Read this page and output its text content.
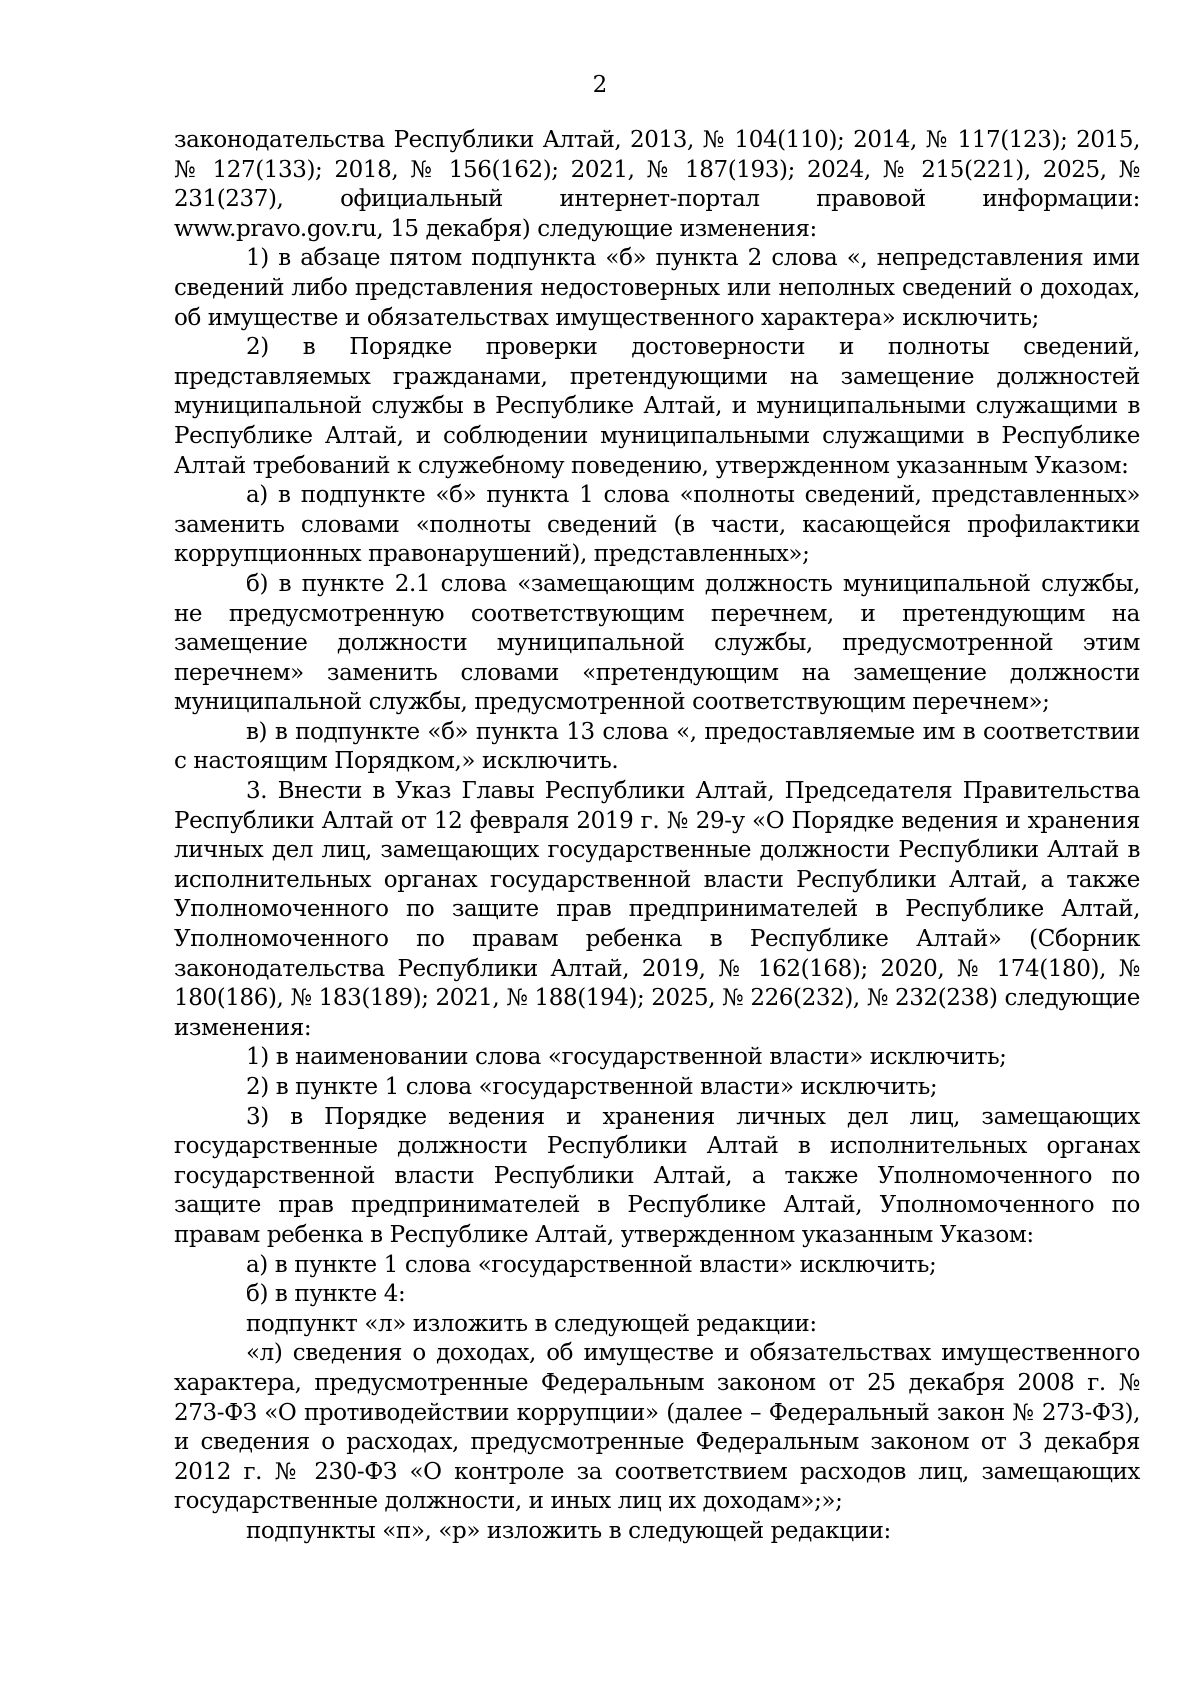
2

законодательства Республики Алтай, 2013, № 104(110); 2014, № 117(123); 2015, № 127(133); 2018, № 156(162); 2021, № 187(193); 2024, № 215(221), 2025, № 231(237), официальный интернет-портал правовой информации: www.pravo.gov.ru, 15 декабря) следующие изменения:

1) в абзаце пятом подпункта «б» пункта 2 слова «, непредставления ими сведений либо представления недостоверных или неполных сведений о доходах, об имуществе и обязательствах имущественного характера» исключить;

2) в Порядке проверки достоверности и полноты сведений, представляемых гражданами, претендующими на замещение должностей муниципальной службы в Республике Алтай, и муниципальными служащими в Республике Алтай, и соблюдении муниципальными служащими в Республике Алтай требований к служебному поведению, утвержденном указанным Указом:

а) в подпункте «б» пункта 1 слова «полноты сведений, представленных» заменить словами «полноты сведений (в части, касающейся профилактики коррупционных правонарушений), представленных»;

б) в пункте 2.1 слова «замещающим должность муниципальной службы, не предусмотренную соответствующим перечнем, и претендующим на замещение должности муниципальной службы, предусмотренной этим перечнем» заменить словами «претендующим на замещение должности муниципальной службы, предусмотренной соответствующим перечнем»;

в) в подпункте «б» пункта 13 слова «, предоставляемые им в соответствии с настоящим Порядком,» исключить.

3. Внести в Указ Главы Республики Алтай, Председателя Правительства Республики Алтай от 12 февраля 2019 г. № 29-у «О Порядке ведения и хранения личных дел лиц, замещающих государственные должности Республики Алтай в исполнительных органах государственной власти Республики Алтай, а также Уполномоченного по защите прав предпринимателей в Республике Алтай, Уполномоченного по правам ребенка в Республике Алтай» (Сборник законодательства Республики Алтай, 2019, № 162(168); 2020, № 174(180), № 180(186), № 183(189); 2021, № 188(194); 2025, № 226(232), № 232(238) следующие изменения:

1) в наименовании слова «государственной власти» исключить;

2) в пункте 1 слова «государственной власти» исключить;

3) в Порядке ведения и хранения личных дел лиц, замещающих государственные должности Республики Алтай в исполнительных органах государственной власти Республики Алтай, а также Уполномоченного по защите прав предпринимателей в Республике Алтай, Уполномоченного по правам ребенка в Республике Алтай, утвержденном указанным Указом:

а) в пункте 1 слова «государственной власти» исключить;

б) в пункте 4:

подпункт «л» изложить в следующей редакции:

«л) сведения о доходах, об имуществе и обязательствах имущественного характера, предусмотренные Федеральным законом от 25 декабря 2008 г. № 273-ФЗ «О противодействии коррупции» (далее – Федеральный закон № 273-ФЗ), и сведения о расходах, предусмотренные Федеральным законом от 3 декабря 2012 г. № 230-ФЗ «О контроле за соответствием расходов лиц, замещающих государственные должности, и иных лиц их доходам»;»;

подпункты «п», «р» изложить в следующей редакции:
